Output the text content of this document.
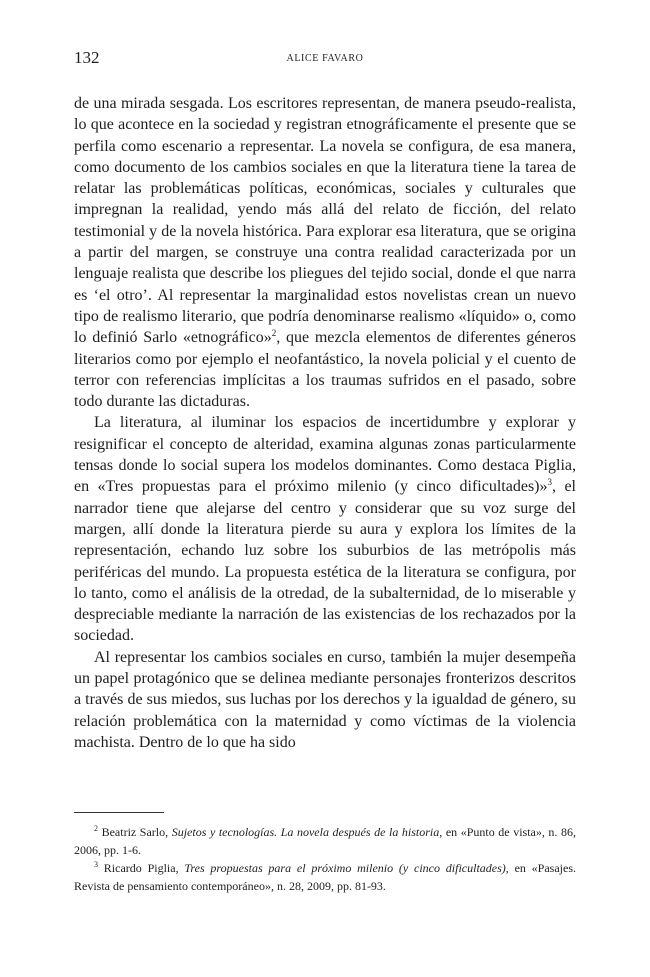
132	ALICE FAVARO

de una mirada sesgada. Los escritores representan, de manera pseudo-realista, lo que acontece en la sociedad y registran etnográficamente el presente que se perfila como escenario a representar. La novela se configura, de esa manera, como documento de los cambios sociales en que la literatura tiene la tarea de relatar las problemáticas políticas, económicas, sociales y culturales que impregnan la realidad, yendo más allá del relato de ficción, del relato testimonial y de la novela histórica. Para explorar esa literatura, que se origina a partir del margen, se construye una contra realidad caracterizada por un lenguaje realista que describe los pliegues del tejido social, donde el que narra es ‘el otro’. Al representar la marginalidad estos novelistas crean un nuevo tipo de realismo literario, que podría denominarse realismo «líquido» o, como lo definió Sarlo «etnográfico»$^2$, que mezcla elementos de diferentes géneros literarios como por ejemplo el neofantástico, la novela policial y el cuento de terror con referencias implícitas a los traumas sufridos en el pasado, sobre todo durante las dictaduras.

La literatura, al iluminar los espacios de incertidumbre y explorar y resignificar el concepto de alteridad, examina algunas zonas particularmente tensas donde lo social supera los modelos dominantes. Como destaca Piglia, en «Tres propuestas para el próximo milenio (y cinco dificultades)»$^3$, el narrador tiene que alejarse del centro y considerar que su voz surge del margen, allí donde la literatura pierde su aura y explora los límites de la representación, echando luz sobre los suburbios de las metrópolis más periféricas del mundo. La propuesta estética de la literatura se configura, por lo tanto, como el análisis de la otredad, de la subalternidad, de lo miserable y despreciable mediante la narración de las existencias de los rechazados por la sociedad.

Al representar los cambios sociales en curso, también la mujer desempeña un papel protagónico que se delinea mediante personajes fronterizos descritos a través de sus miedos, sus luchas por los derechos y la igualdad de género, su relación problemática con la maternidad y como víctimas de la violencia machista. Dentro de lo que ha sido

$^2$ Beatriz Sarlo, Sujetos y tecnologías. La novela después de la historia, en «Punto de vista», n. 86, 2006, pp. 1-6.

$^3$ Ricardo Piglia, Tres propuestas para el próximo milenio (y cinco dificultades), en «Pasajes. Revista de pensamiento contemporáneo», n. 28, 2009, pp. 81-93.
